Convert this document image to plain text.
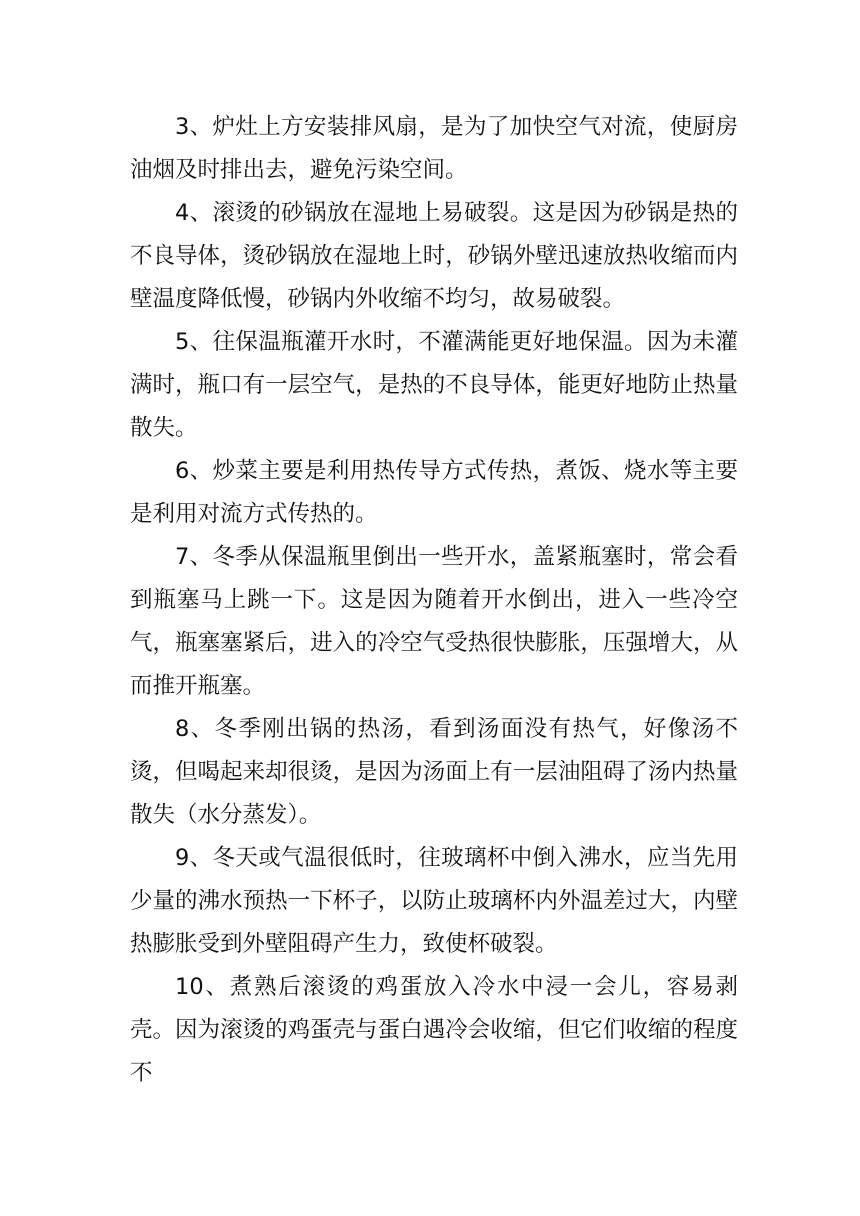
3、炉灶上方安装排风扇，是为了加快空气对流，使厨房油烟及时排出去，避免污染空间。

4、滚烫的砂锅放在湿地上易破裂。这是因为砂锅是热的不良导体，烫砂锅放在湿地上时，砂锅外壁迅速放热收缩而内壁温度降低慢，砂锅内外收缩不均匀，故易破裂。

5、往保温瓶灌开水时，不灌满能更好地保温。因为未灌满时，瓶口有一层空气，是热的不良导体，能更好地防止热量散失。

6、炒菜主要是利用热传导方式传热，煮饭、烧水等主要是利用对流方式传热的。

7、冬季从保温瓶里倒出一些开水，盖紧瓶塞时，常会看到瓶塞马上跳一下。这是因为随着开水倒出，进入一些冷空气，瓶塞塞紧后，进入的冷空气受热很快膨胀，压强增大，从而推开瓶塞。

8、冬季刚出锅的热汤，看到汤面没有热气，好像汤不烫，但喝起来却很烫，是因为汤面上有一层油阻碍了汤内热量散失（水分蒸发）。

9、冬天或气温很低时，往玻璃杯中倒入沸水，应当先用少量的沸水预热一下杯子，以防止玻璃杯内外温差过大，内壁热膨胀受到外壁阻碍产生力，致使杯破裂。

10、煮熟后滚烫的鸡蛋放入冷水中浸一会儿，容易剥壳。因为滚烫的鸡蛋壳与蛋白遇冷会收缩，但它们收缩的程度不
